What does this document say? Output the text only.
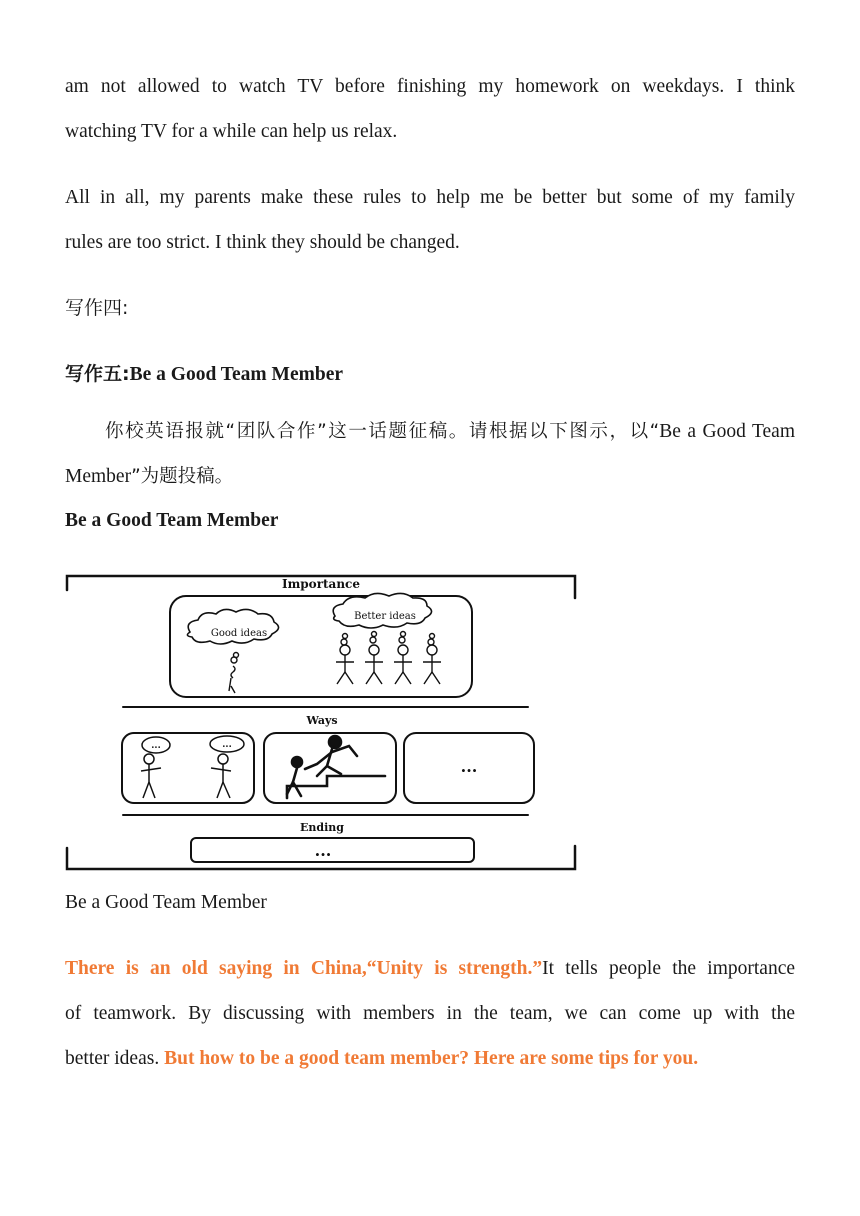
am not allowed to watch TV before finishing my homework on weekdays. I think
watching TV for a while can help us relax.
All in all, my parents make these rules to help me be better but some of my family
rules are too strict. I think they should be changed.
写作四:
写作五:Be a Good Team Member
你校英语报就“团队合作”这一话题征稿。请根据以下图示，以“Be a Good Team
Member”为题投稿。
Be a Good Team Member
Importance
Good ideas
Better ideas
Ways
...	...
...
Ending
...
Be a Good Team Member
There is an old saying in China,“Unity is strength.”It tells people the importance
of teamwork. By discussing with members in the team, we can come up with the
better ideas. But how to be a good team member? Here are some tips for you.
